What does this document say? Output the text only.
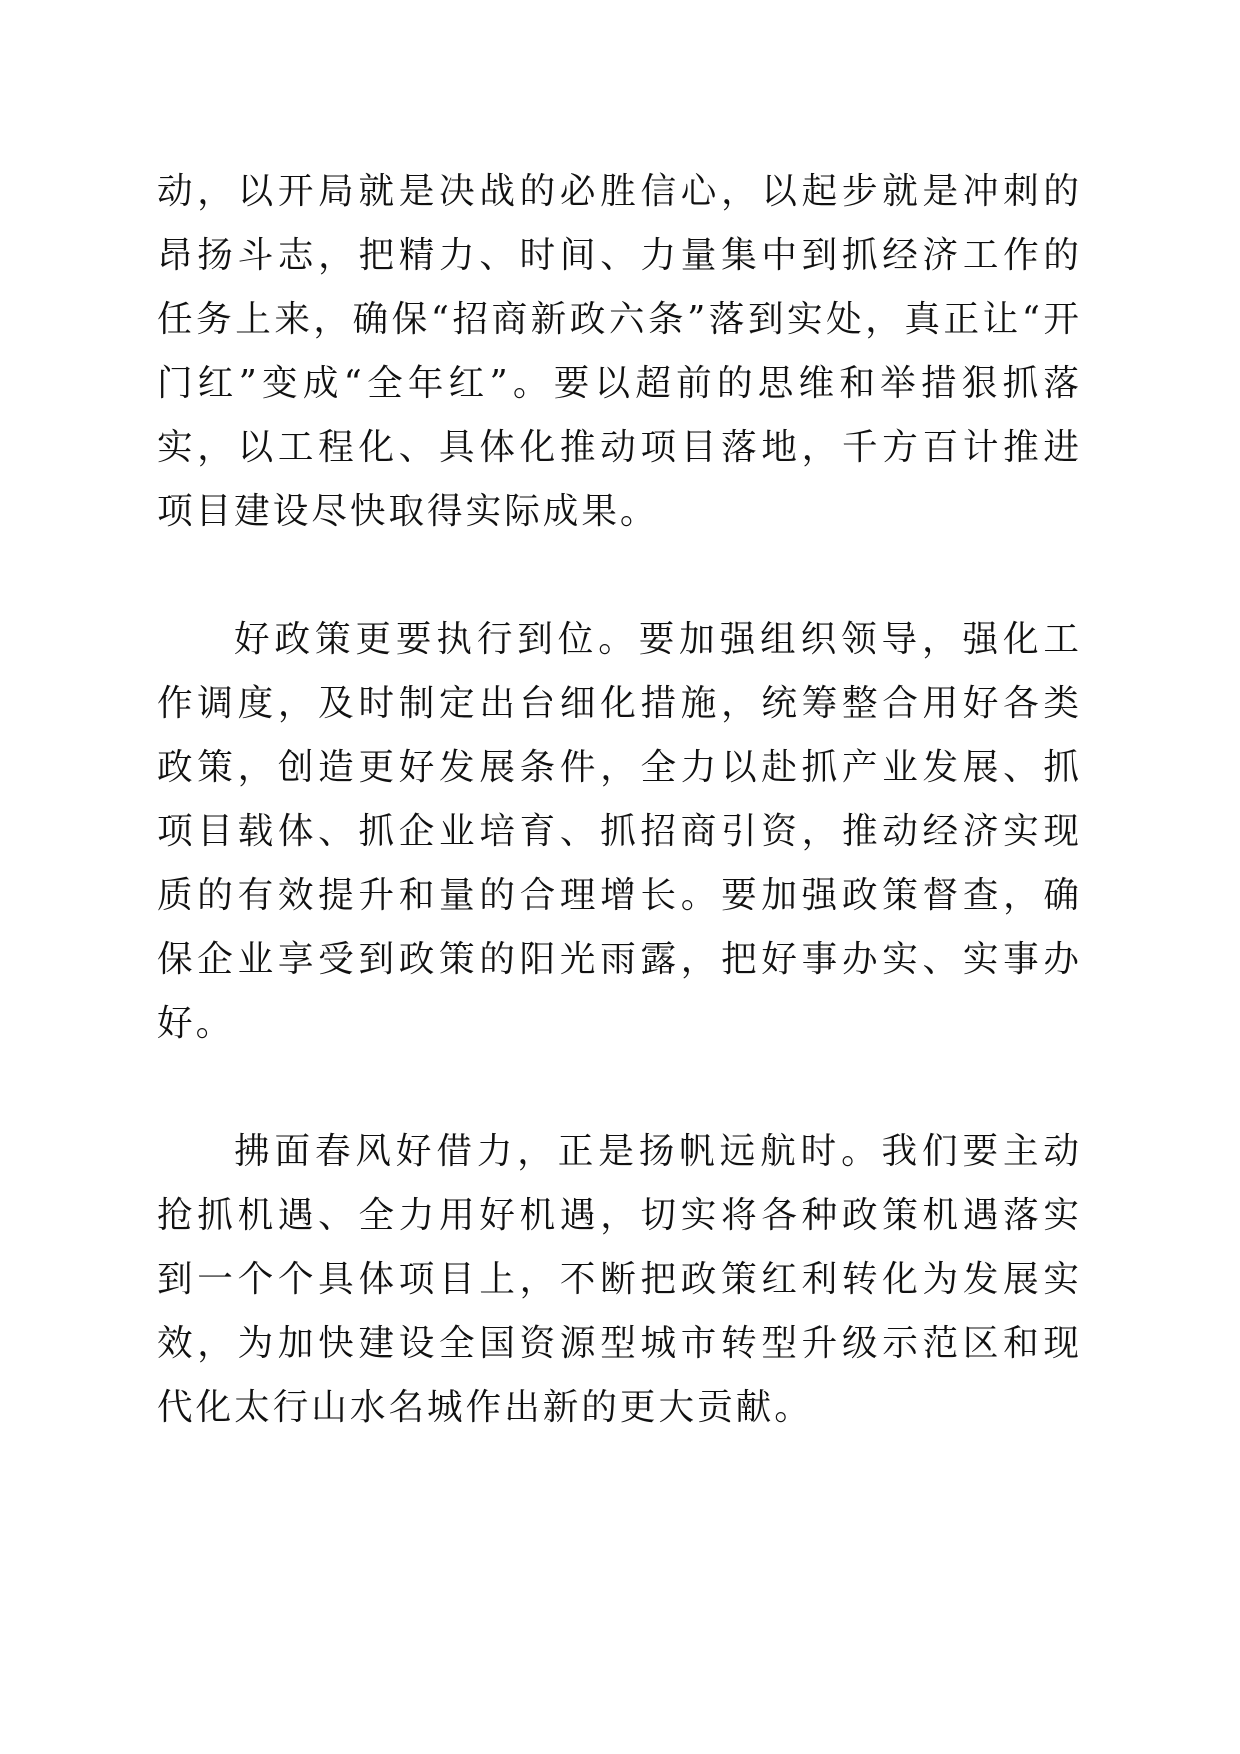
动，以开局就是决战的必胜信心，以起步就是冲刺的昂扬斗志，把精力、时间、力量集中到抓经济工作的任务上来，确保“招商新政六条”落到实处，真正让“开门红”变成“全年红”。要以超前的思维和举措狠抓落实，以工程化、具体化推动项目落地，千方百计推进项目建设尽快取得实际成果。

好政策更要执行到位。要加强组织领导，强化工作调度，及时制定出台细化措施，统筹整合用好各类政策，创造更好发展条件，全力以赴抓产业发展、抓项目载体、抓企业培育、抓招商引资，推动经济实现质的有效提升和量的合理增长。要加强政策督查，确保企业享受到政策的阳光雨露，把好事办实、实事办好。

拂面春风好借力，正是扬帆远航时。我们要主动抢抓机遇、全力用好机遇，切实将各种政策机遇落实到一个个具体项目上，不断把政策红利转化为发展实效，为加快建设全国资源型城市转型升级示范区和现代化太行山水名城作出新的更大贡献。
